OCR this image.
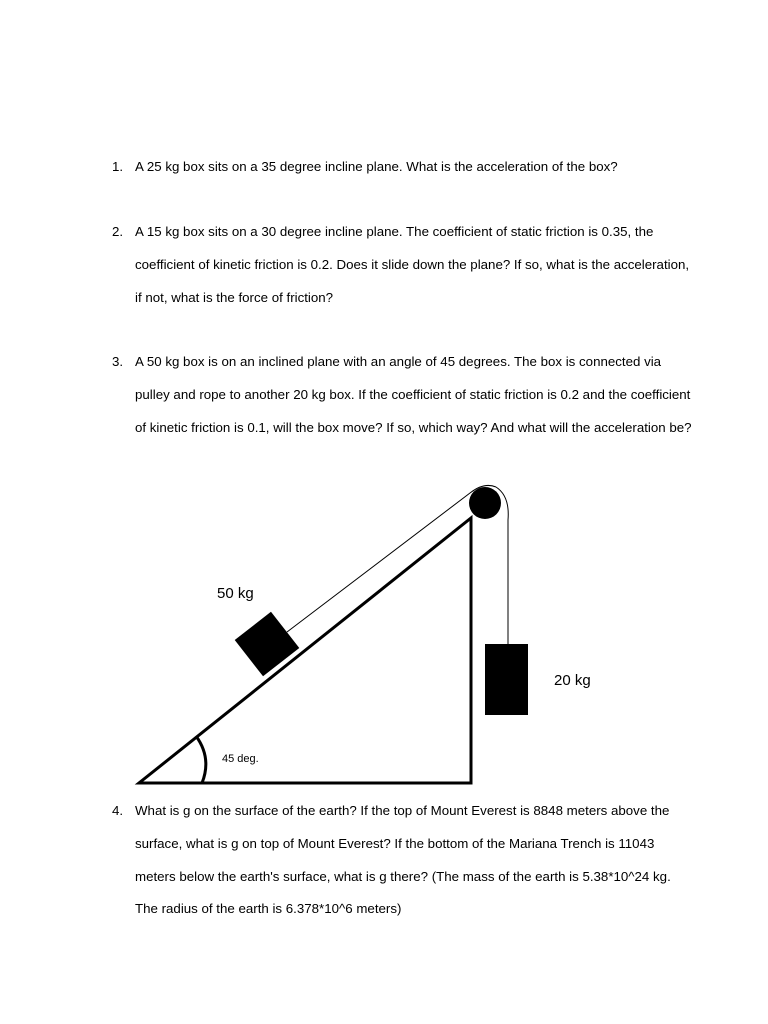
1. A 25 kg box sits on a 35 degree incline plane. What is the acceleration of the box?
2. A 15 kg box sits on a 30 degree incline plane. The coefficient of static friction is 0.35, the coefficient of kinetic friction is 0.2. Does it slide down the plane? If so, what is the acceleration, if not, what is the force of friction?
3. A 50 kg box is on an inclined plane with an angle of 45 degrees. The box is connected via pulley and rope to another 20 kg box. If the coefficient of static friction is 0.2 and the coefficient of kinetic friction is 0.1, will the box move? If so, which way? And what will the acceleration be?
50 kg
20 kg
45 deg.
4. What is g on the surface of the earth? If the top of Mount Everest is 8848 meters above the surface, what is g on top of Mount Everest? If the bottom of the Mariana Trench is 11043 meters below the earth's surface, what is g there? (The mass of the earth is 5.38*10^24 kg. The radius of the earth is 6.378*10^6 meters)
